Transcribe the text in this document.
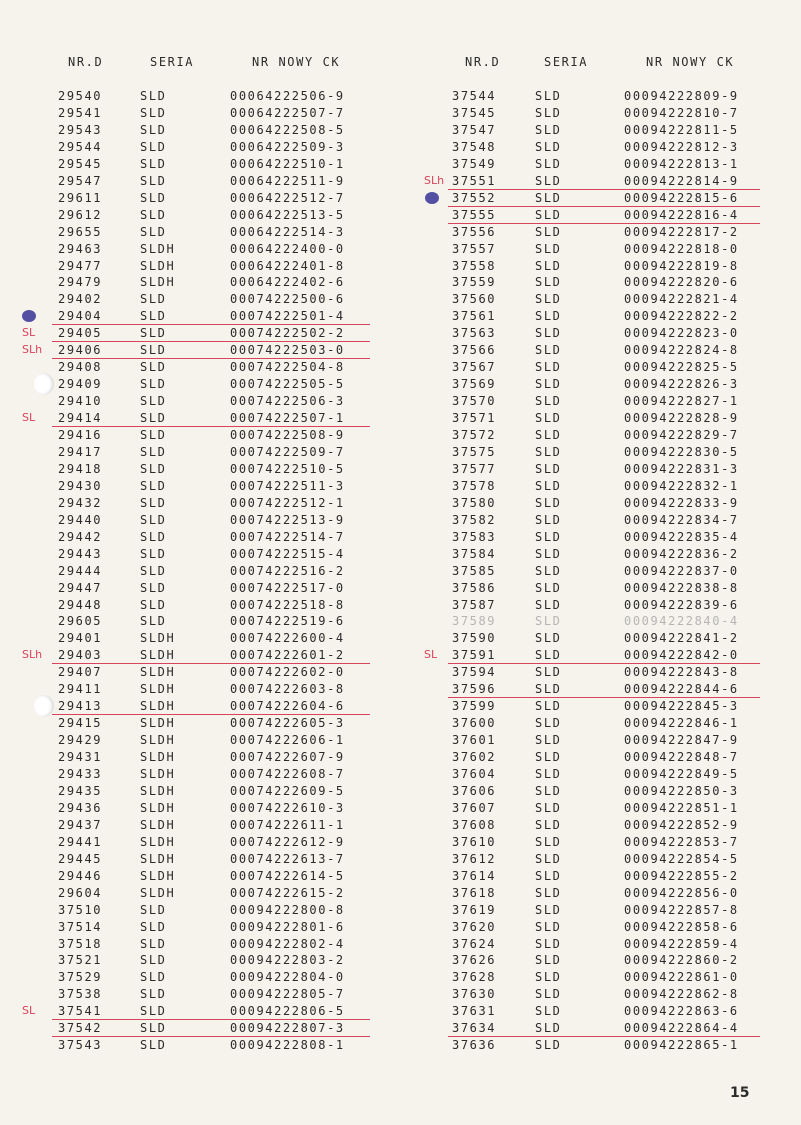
NR.D	SERIA	NR NOWY CK
29540	SLD	00064222506-9
29541	SLD	00064222507-7
29543	SLD	00064222508-5
29544	SLD	00064222509-3
29545	SLD	00064222510-1
29547	SLD	00064222511-9
29611	SLD	00064222512-7
29612	SLD	00064222513-5
29655	SLD	00064222514-3
29463	SLDH	00064222400-0
29477	SLDH	00064222401-8
29479	SLDH	00064222402-6
29402	SLD	00074222500-6
29404	SLD	00074222501-4
SL 29405	SLD	00074222502-2
SLh 29406	SLD	00074222503-0
29408	SLD	00074222504-8
29409	SLD	00074222505-5
29410	SLD	00074222506-3
SL 29414	SLD	00074222507-1
29416	SLD	00074222508-9
29417	SLD	00074222509-7
29418	SLD	00074222510-5
29430	SLD	00074222511-3
29432	SLD	00074222512-1
29440	SLD	00074222513-9
29442	SLD	00074222514-7
29443	SLD	00074222515-4
29444	SLD	00074222516-2
29447	SLD	00074222517-0
29448	SLD	00074222518-8
29605	SLD	00074222519-6
29401	SLDH	00074222600-4
SLh 29403	SLDH	00074222601-2
29407	SLDH	00074222602-0
29411	SLDH	00074222603-8
29413	SLDH	00074222604-6
29415	SLDH	00074222605-3
29429	SLDH	00074222606-1
29431	SLDH	00074222607-9
29433	SLDH	00074222608-7
29435	SLDH	00074222609-5
29436	SLDH	00074222610-3
29437	SLDH	00074222611-1
29441	SLDH	00074222612-9
29445	SLDH	00074222613-7
29446	SLDH	00074222614-5
29604	SLDH	00074222615-2
37510	SLD	00094222800-8
37514	SLD	00094222801-6
37518	SLD	00094222802-4
37521	SLD	00094222803-2
37529	SLD	00094222804-0
37538	SLD	00094222805-7
SL 37541	SLD	00094222806-5
37542	SLD	00094222807-3
37543	SLD	00094222808-1
NR.D	SERIA	NR NOWY CK
37544	SLD	00094222809-9
37545	SLD	00094222810-7
37547	SLD	00094222811-5
37548	SLD	00094222812-3
37549	SLD	00094222813-1
SLh 37551	SLD	00094222814-9
37552	SLD	00094222815-6
37555	SLD	00094222816-4
37556	SLD	00094222817-2
37557	SLD	00094222818-0
37558	SLD	00094222819-8
37559	SLD	00094222820-6
37560	SLD	00094222821-4
37561	SLD	00094222822-2
37563	SLD	00094222823-0
37566	SLD	00094222824-8
37567	SLD	00094222825-5
37569	SLD	00094222826-3
37570	SLD	00094222827-1
37571	SLD	00094222828-9
37572	SLD	00094222829-7
37575	SLD	00094222830-5
37577	SLD	00094222831-3
37578	SLD	00094222832-1
37580	SLD	00094222833-9
37582	SLD	00094222834-7
37583	SLD	00094222835-4
37584	SLD	00094222836-2
37585	SLD	00094222837-0
37586	SLD	00094222838-8
37587	SLD	00094222839-6
37589	SLD	00094222840-4
37590	SLD	00094222841-2
SL 37591	SLD	00094222842-0
37594	SLD	00094222843-8
37596	SLD	00094222844-6
37599	SLD	00094222845-3
37600	SLD	00094222846-1
37601	SLD	00094222847-9
37602	SLD	00094222848-7
37604	SLD	00094222849-5
37606	SLD	00094222850-3
37607	SLD	00094222851-1
37608	SLD	00094222852-9
37610	SLD	00094222853-7
37612	SLD	00094222854-5
37614	SLD	00094222855-2
37618	SLD	00094222856-0
37619	SLD	00094222857-8
37620	SLD	00094222858-6
37624	SLD	00094222859-4
37626	SLD	00094222860-2
37628	SLD	00094222861-0
37630	SLD	00094222862-8
37631	SLD	00094222863-6
37634	SLD	00094222864-4
37636	SLD	00094222865-1
15
